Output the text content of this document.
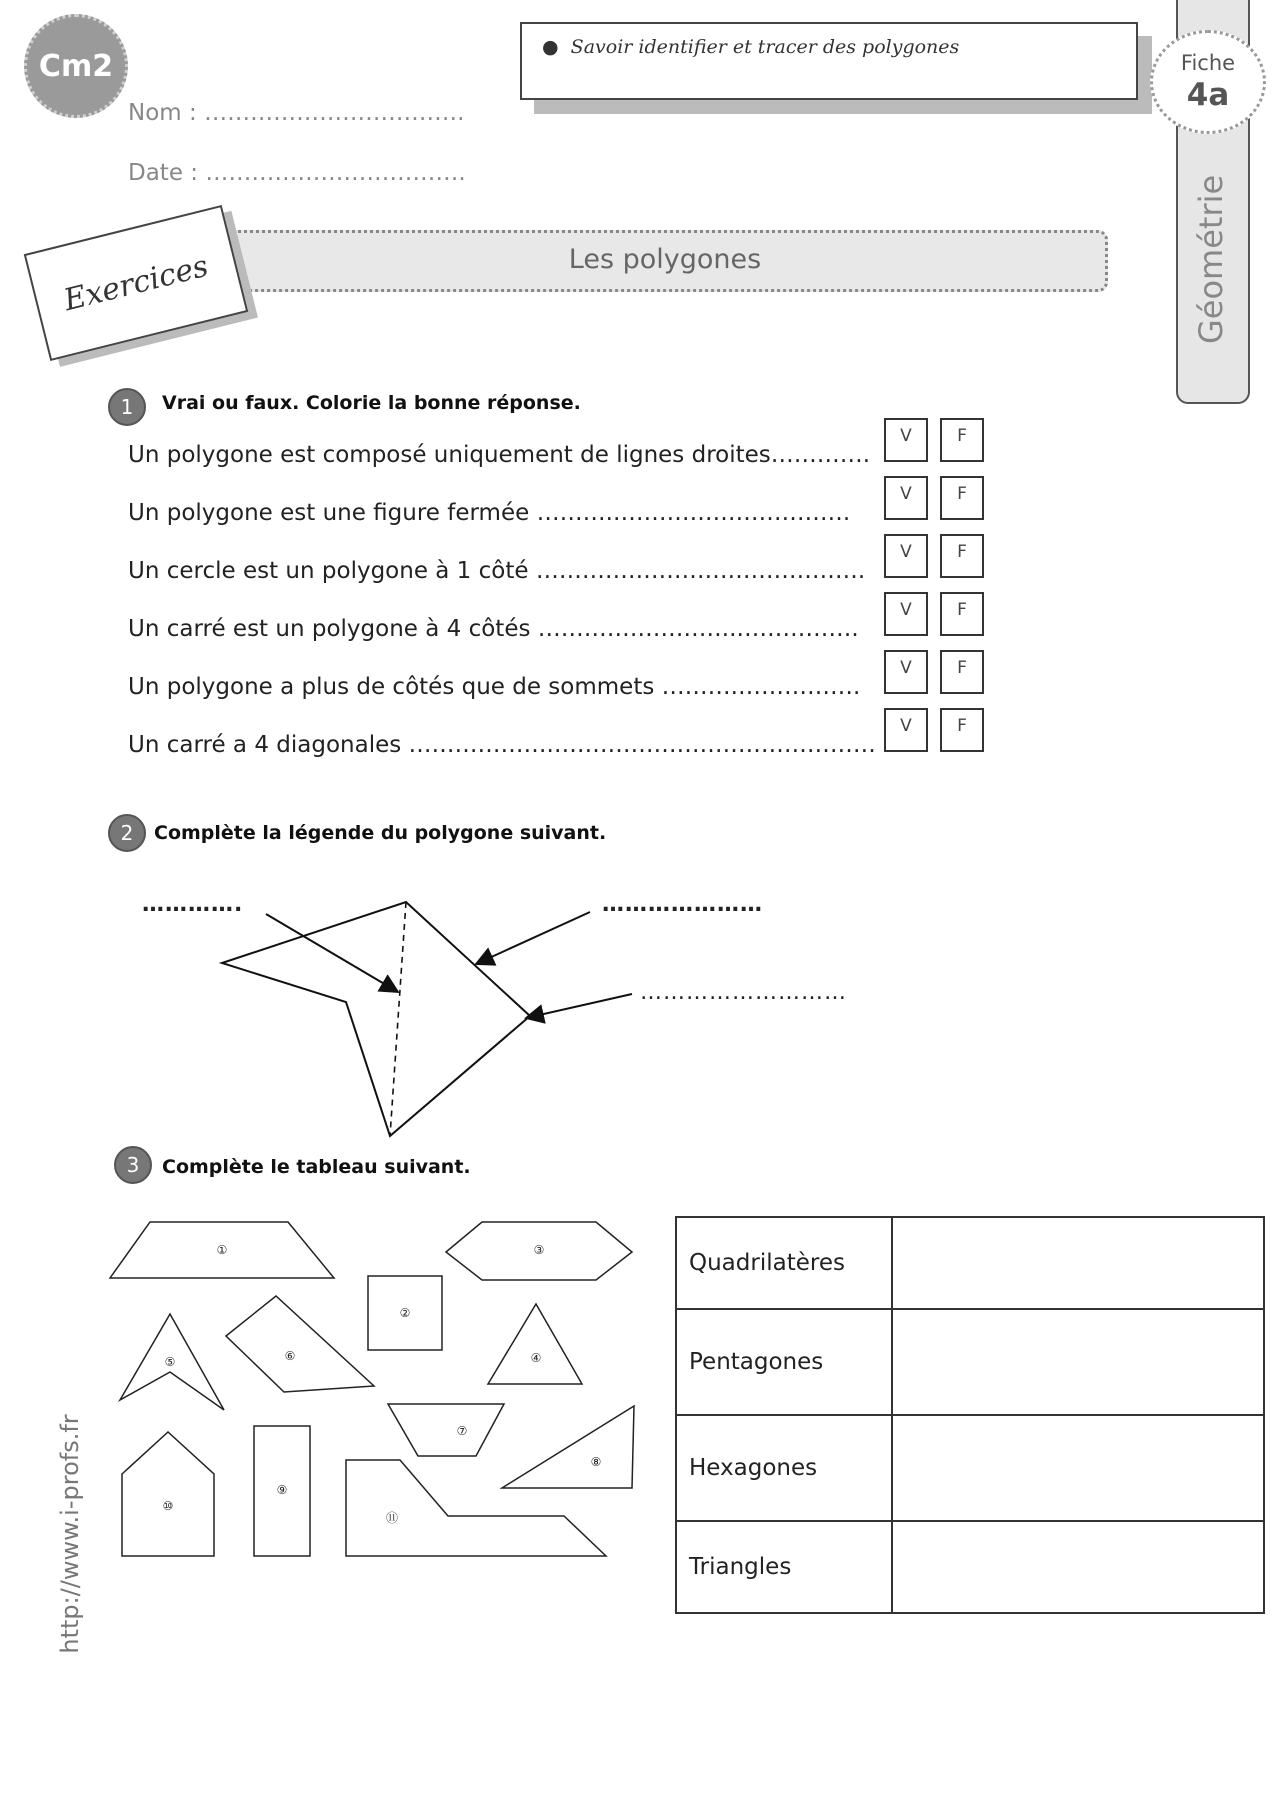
Cm2
●  Savoir identifier et tracer des polygones
Fiche
4a
Nom : …………………………….
Date : …………………………….
Les polygones
Exercices
1	Vrai ou faux. Colorie la bonne réponse.
Un polygone est composé uniquement de lignes droites………….
V	F
Un polygone est une figure fermée ……….………………………….
V	F
Un cercle est un polygone à 1 côté …………………………………….
V	F
Un carré est un polygone à 4 côtés ……………………..…………….
V	F
Un polygone a plus de côtés que de sommets ……….…………….
V	F
Un carré a 4 diagonales ……………….……………………………………
V	F
2	Complète la légende du polygone suivant.
………….	…………………
………………………
3	Complète le tableau suivant.
①
②
③
④
⑤	⑥
⑦
⑧
⑨
⑩
⑪
Quadrilatères	
Pentagones	
Hexagones	
Triangles	
http://www.i-profs.fr
